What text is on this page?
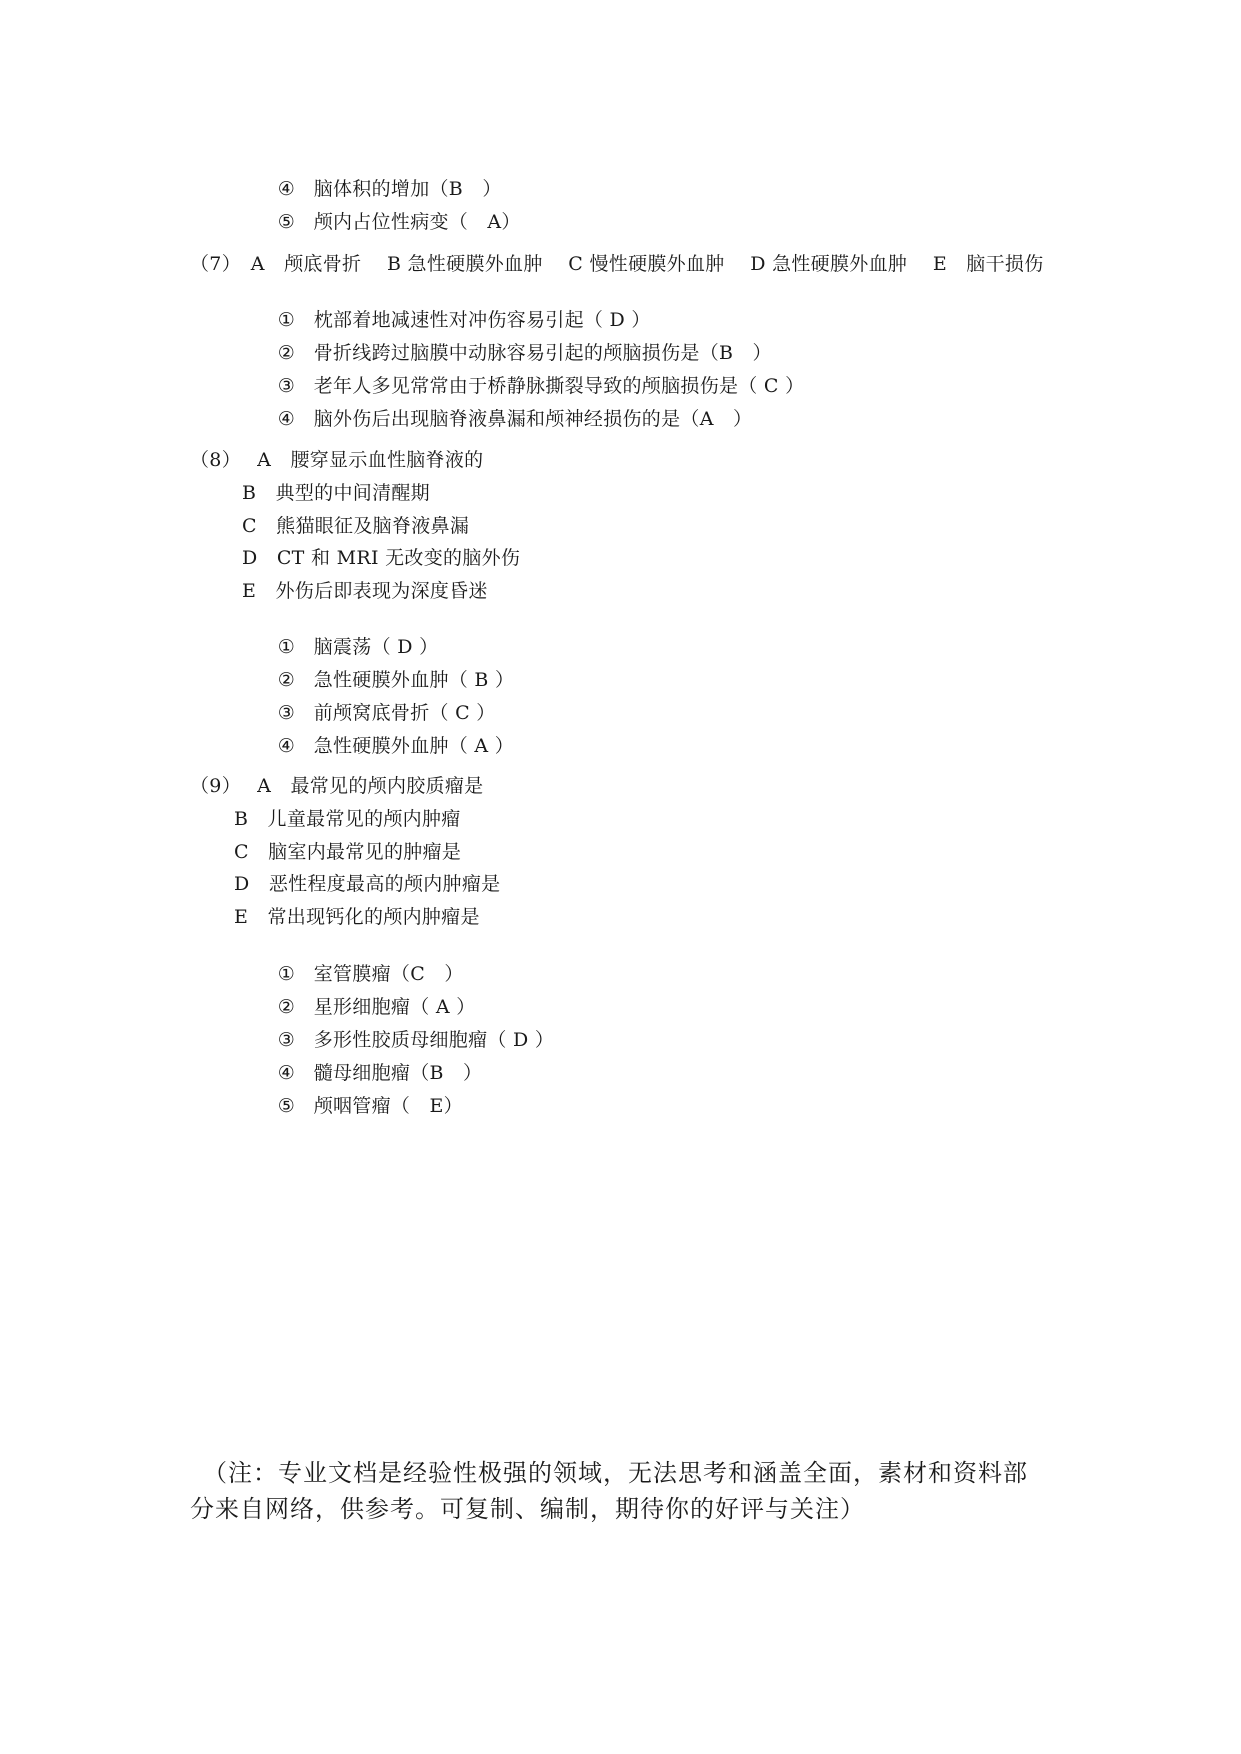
④ 脑体积的增加（B　）

⑤ 颅内占位性病变（　A）

（7）　A　颅底骨折　 B 急性硬膜外血肿　 C 慢性硬膜外血肿　 D 急性硬膜外血肿　 E　脑干损伤

① 枕部着地减速性对冲伤容易引起（ D ）

② 骨折线跨过脑膜中动脉容易引起的颅脑损伤是（B　）

③ 老年人多见常常由于桥静脉撕裂导致的颅脑损伤是（ C ）

④ 脑外伤后出现脑脊液鼻漏和颅神经损伤的是（A　）

（8）　 A　腰穿显示血性脑脊液的
B　典型的中间清醒期
C　熊猫眼征及脑脊液鼻漏
D　CT 和 MRI 无改变的脑外伤
E　外伤后即表现为深度昏迷

① 脑震荡（ D ）

② 急性硬膜外血肿（ B ）

③ 前颅窝底骨折（ C ）

④ 急性硬膜外血肿（ A ）

（9）　 A　最常见的颅内胶质瘤是
B　儿童最常见的颅内肿瘤
C　脑室内最常见的肿瘤是
D　恶性程度最高的颅内肿瘤是
E　常出现钙化的颅内肿瘤是

① 室管膜瘤（C　）

② 星形细胞瘤（ A ）

③ 多形性胶质母细胞瘤（ D ）

④ 髓母细胞瘤（B　）

⑤ 颅咽管瘤（　E）

　（注：专业文档是经验性极强的领域，无法思考和涵盖全面，素材和资料部
分来自网络，供参考。可复制、编制，期待你的好评与关注）
